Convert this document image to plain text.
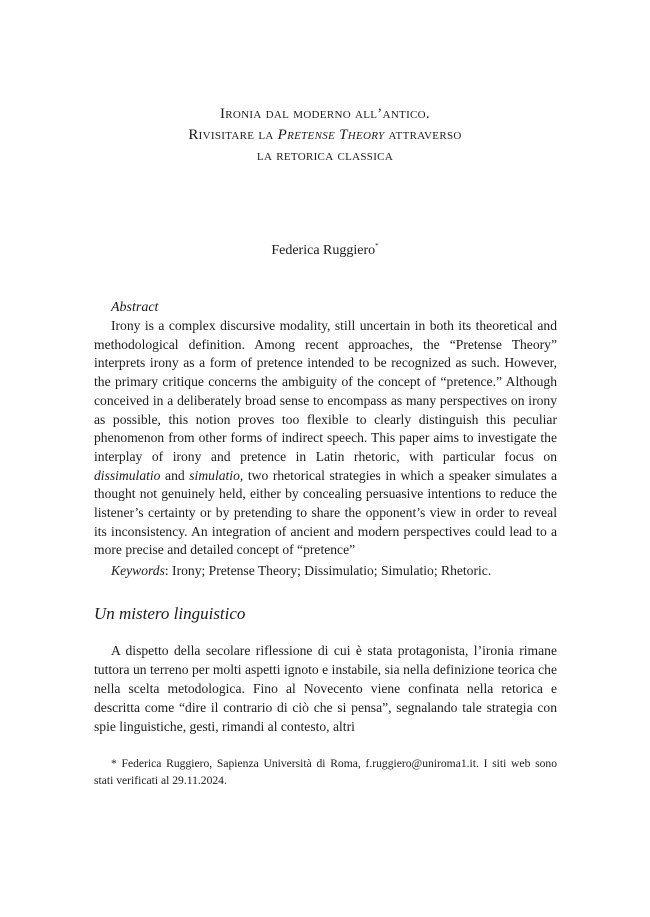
Ironia dal moderno all’antico.
Rivisitare la Pretense Theory attraverso
la retorica classica
Federica Ruggiero*
Abstract
Irony is a complex discursive modality, still uncertain in both its theoretical and methodological definition. Among recent approaches, the “Pretense Theory” interprets irony as a form of pretence intended to be recognized as such. However, the primary critique concerns the ambiguity of the concept of “pretence.” Although conceived in a deliberately broad sense to encompass as many perspectives on irony as possible, this notion proves too flexible to clearly distinguish this peculiar phenomenon from other forms of indirect speech. This paper aims to investigate the interplay of irony and pretence in Latin rhetoric, with particular focus on dissimulatio and simulatio, two rhetorical strategies in which a speaker simulates a thought not genuinely held, either by concealing persuasive intentions to reduce the listener’s certainty or by pretending to share the opponent’s view in order to reveal its inconsistency. An integration of ancient and modern perspectives could lead to a more precise and detailed concept of “pretence”
Keywords: Irony; Pretense Theory; Dissimulatio; Simulatio; Rhetoric.
Un mistero linguistico
A dispetto della secolare riflessione di cui è stata protagonista, l’ironia rimane tuttora un terreno per molti aspetti ignoto e instabile, sia nella definizione teorica che nella scelta metodologica. Fino al Novecento viene confinata nella retorica e descritta come “dire il contrario di ciò che si pensa”, segnalando tale strategia con spie linguistiche, gesti, rimandi al contesto, altri
* Federica Ruggiero, Sapienza Università di Roma, f.ruggiero@uniroma1.it. I siti web sono stati verificati al 29.11.2024.
